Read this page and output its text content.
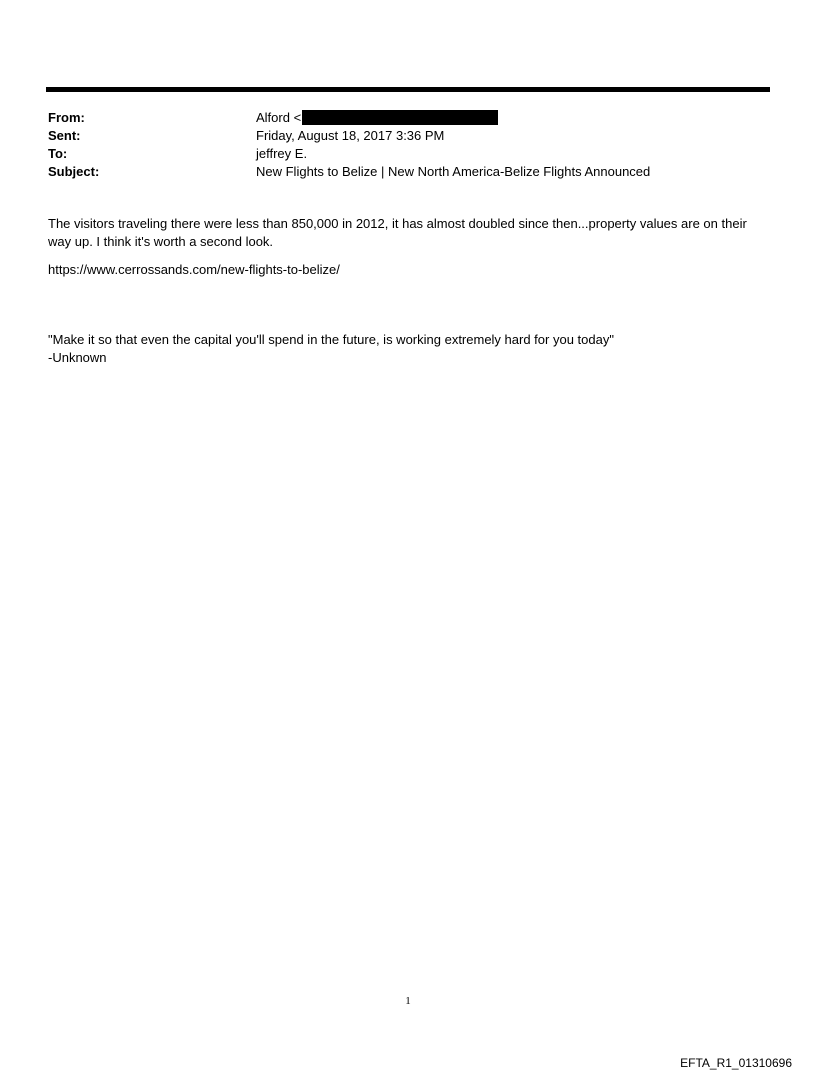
From:	Alford <
Sent:	Friday, August 18, 2017 3:36 PM
To:	jeffrey E.
Subject:	New Flights to Belize | New North America-Belize Flights Announced

The visitors traveling there were less than 850,000 in 2012, it has almost doubled since then...property values are on their way up. I think it's worth a second look.

https://www.cerrossands.com/new-flights-to-belize/

"Make it so that even the capital you'll spend in the future, is working extremely hard for you today"

-Unknown

1
EFTA_R1_01310696
